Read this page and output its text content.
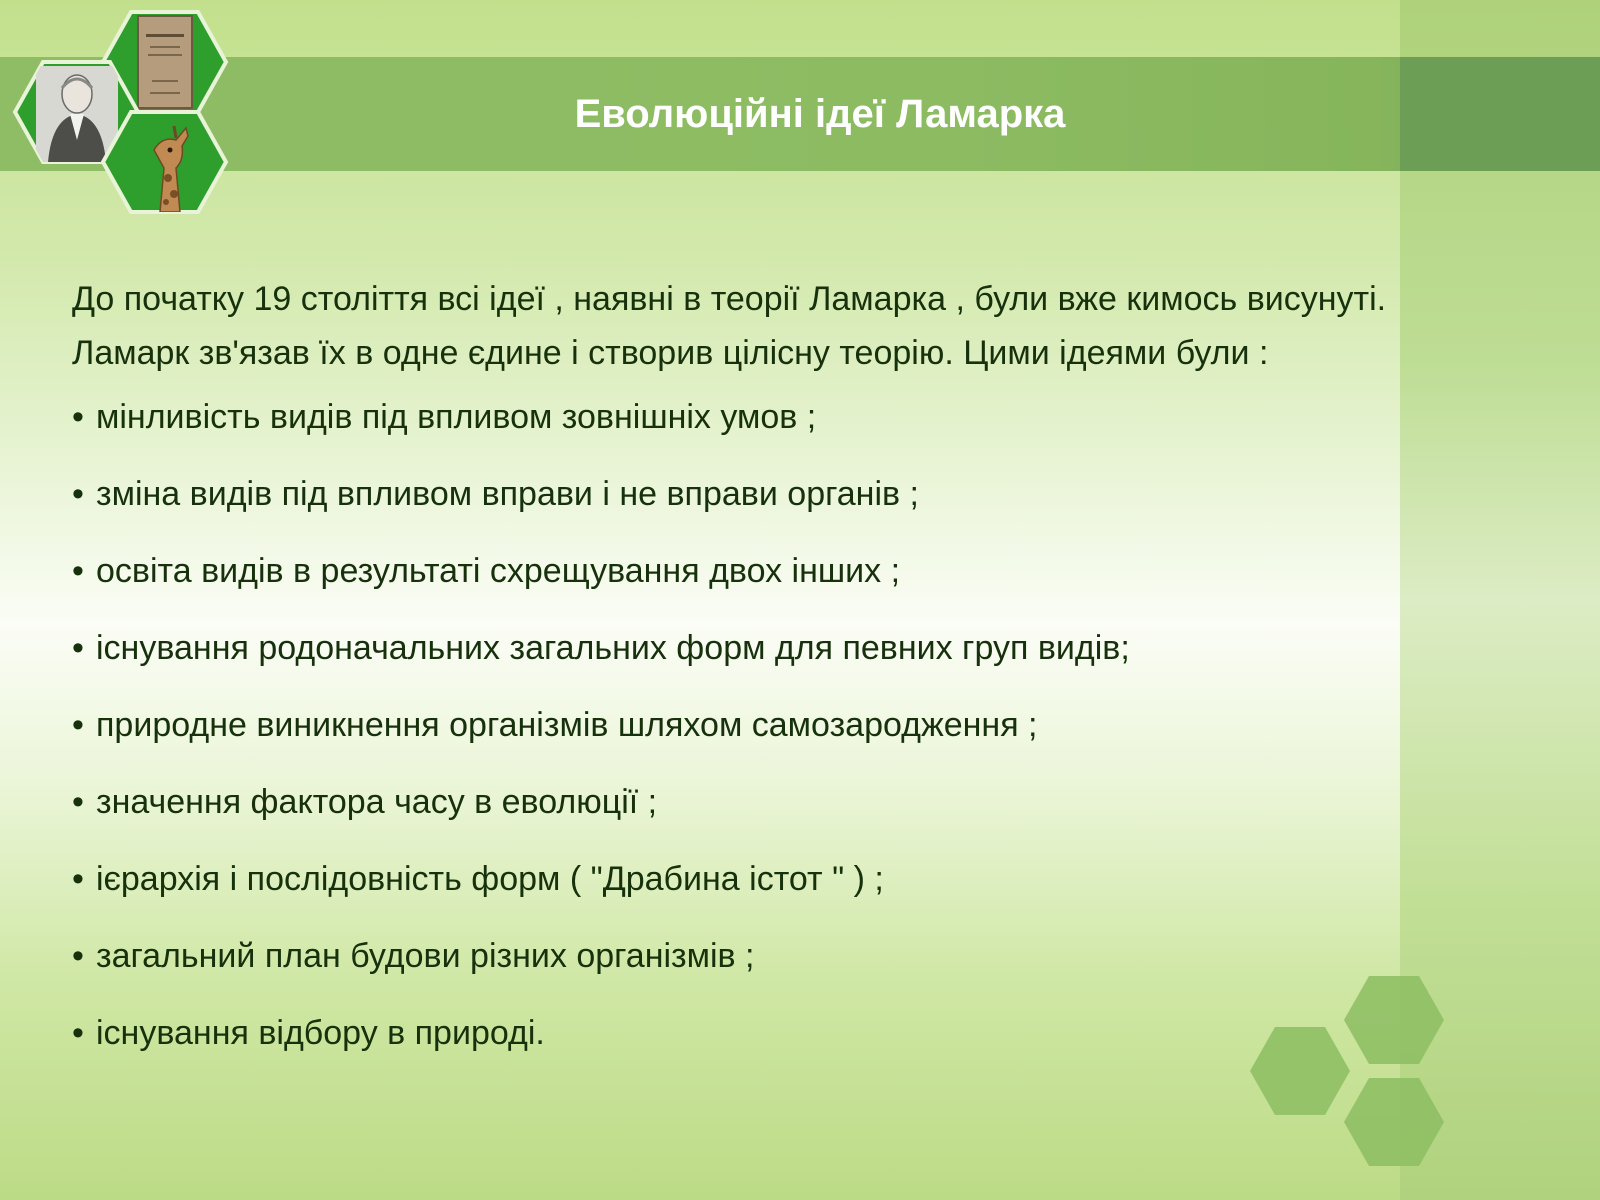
Еволюційні ідеї Ламарка

До початку 19 століття всі ідеї , наявні в теорії Ламарка , були вже кимось висунуті. Ламарк зв'язав їх в одне єдине і створив цілісну теорію. Цими ідеями були :

• мінливість видів під впливом зовнішніх умов ;
• зміна видів під впливом вправи і не вправи органів ;
• освіта видів в результаті схрещування двох інших ;
• існування родоначальних загальних форм для певних груп видів;
• природне виникнення організмів шляхом самозародження ;
• значення фактора часу в еволюції ;
• ієрархія і послідовність форм ( "Драбина істот " ) ;
• загальний план будови різних організмів ;
• існування відбору в природі.
